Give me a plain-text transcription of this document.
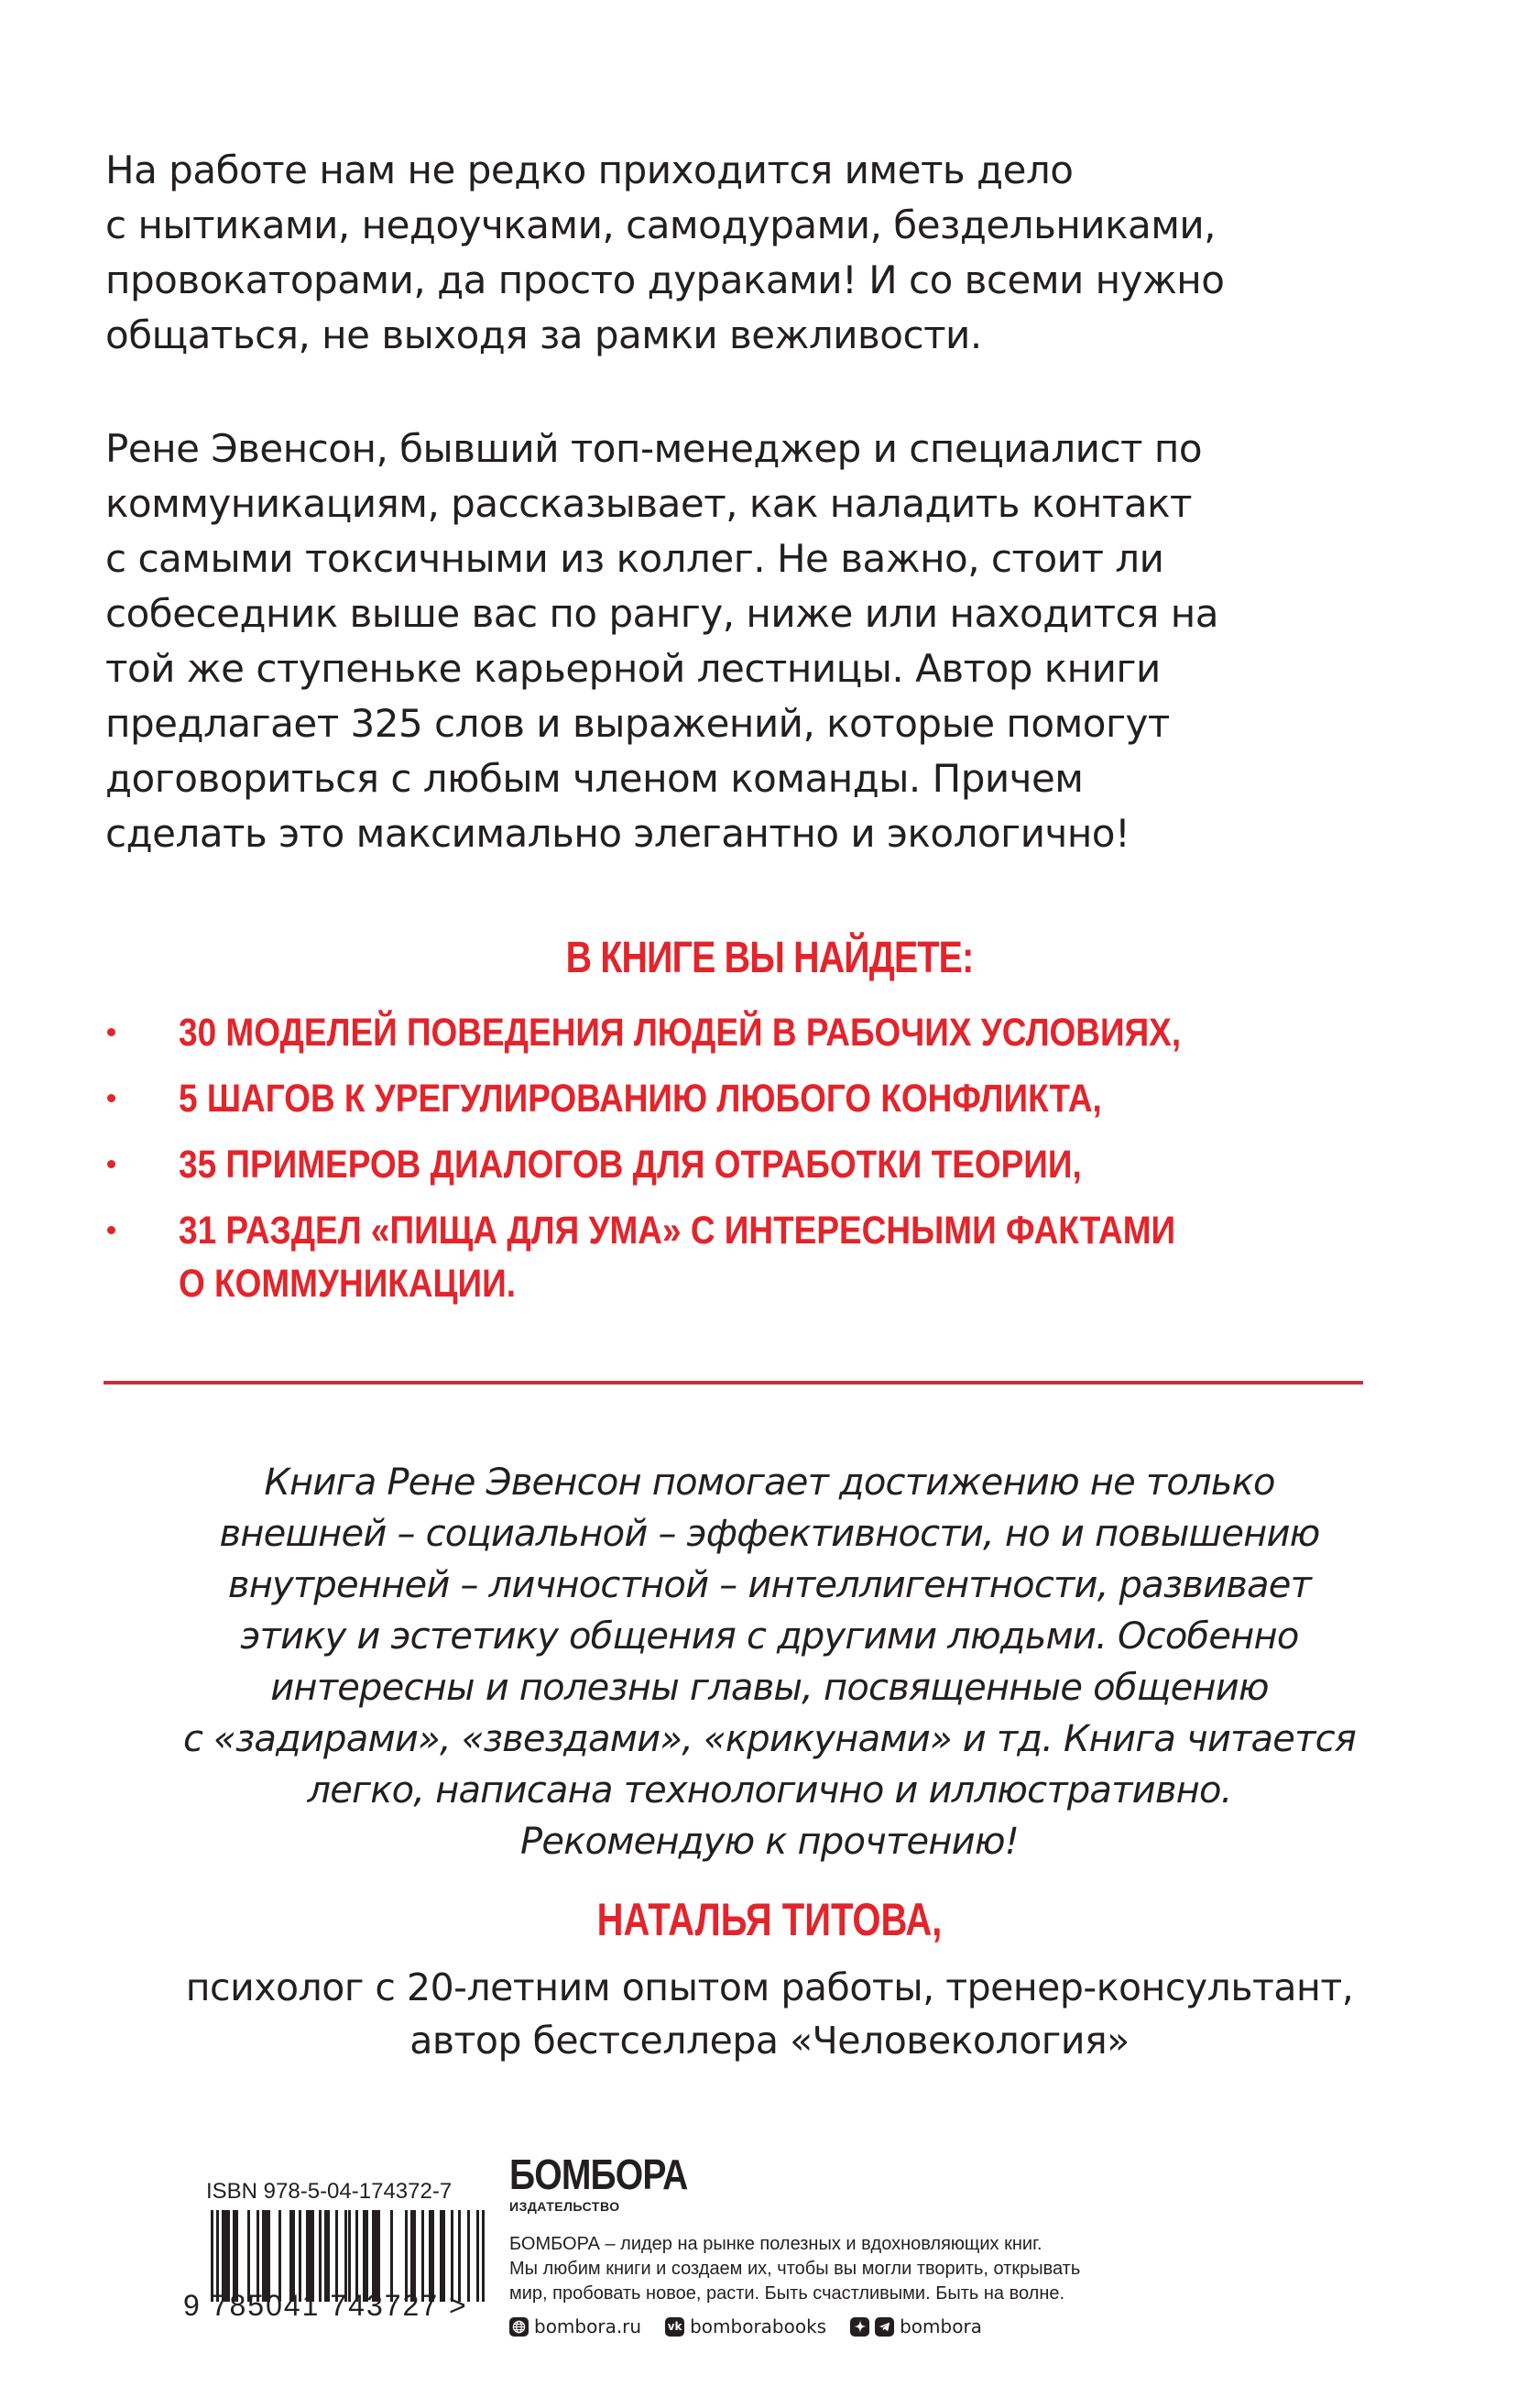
На работе нам не редко приходится иметь дело
с нытиками, недоучками, самодурами, бездельниками,
провокаторами, да просто дураками! И со всеми нужно
общаться, не выходя за рамки вежливости.
Рене Эвенсон, бывший топ-менеджер и специалист по
коммуникациям, рассказывает, как наладить контакт
с самыми токсичными из коллег. Не важно, стоит ли
собеседник выше вас по рангу, ниже или находится на
той же ступеньке карьерной лестницы. Автор книги
предлагает 325 слов и выражений, которые помогут
договориться с любым членом команды. Причем
сделать это максимально элегантно и экологично!
В КНИГЕ ВЫ НАЙДЕТЕ:
30 МОДЕЛЕЙ ПОВЕДЕНИЯ ЛЮДЕЙ В РАБОЧИХ УСЛОВИЯХ,
5 ШАГОВ К УРЕГУЛИРОВАНИЮ ЛЮБОГО КОНФЛИКТА,
35 ПРИМЕРОВ ДИАЛОГОВ ДЛЯ ОТРАБОТКИ ТЕОРИИ,
31 РАЗДЕЛ «ПИЩА ДЛЯ УМА» С ИНТЕРЕСНЫМИ ФАКТАМИ
О КОММУНИКАЦИИ.
Книга Рене Эвенсон помогает достижению не только
внешней – социальной – эффективности, но и повышению
внутренней – личностной – интеллигентности, развивает
этику и эстетику общения с другими людьми. Особенно
интересны и полезны главы, посвященные общению
с «задирами», «звездами», «крикунами» и тд. Книга читается
легко, написана технологично и иллюстративно.
Рекомендую к прочтению!
НАТАЛЬЯ ТИТОВА,
психолог с 20-летним опытом работы, тренер-консультант,
автор бестселлера «Человекология»
ISBN 978-5-04-174372-7
9 785041 743727 >
БОМБОРА
ИЗДАТЕЛЬСТВО
БОМБОРА – лидер на рынке полезных и вдохновляющих книг.
Мы любим книги и создаем их, чтобы вы могли творить, открывать
мир, пробовать новое, расти. Быть счастливыми. Быть на волне.
bombora.ru vk bomborabooks	bombora
